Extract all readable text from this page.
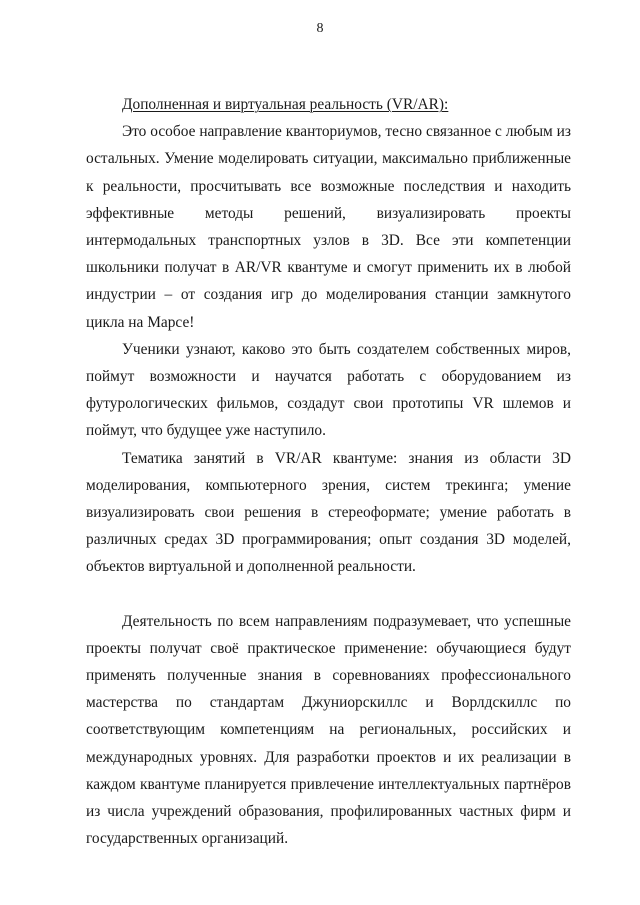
8
Дополненная и виртуальная реальность (VR/AR):

Это особое направление кванториумов, тесно связанное с любым из остальных. Умение моделировать ситуации, максимально приближенные к реальности, просчитывать все возможные последствия и находить эффективные методы решений, визуализировать проекты интермодальных транспортных узлов в 3D. Все эти компетенции школьники получат в AR/VR квантуме и смогут применить их в любой индустрии – от создания игр до моделирования станции замкнутого цикла на Марсе!

Ученики узнают, каково это быть создателем собственных миров, поймут возможности и научатся работать с оборудованием из футурологических фильмов, создадут свои прототипы VR шлемов и поймут, что будущее уже наступило.

Тематика занятий в VR/AR квантуме: знания из области 3D моделирования, компьютерного зрения, систем трекинга; умение визуализировать свои решения в стереоформате; умение работать в различных средах 3D программирования; опыт создания 3D моделей, объектов виртуальной и дополненной реальности.

Деятельность по всем направлениям подразумевает, что успешные проекты получат своё практическое применение: обучающиеся будут применять полученные знания в соревнованиях профессионального мастерства по стандартам Джуниорскиллс и Ворлдскиллс по соответствующим компетенциям на региональных, российских и международных уровнях. Для разработки проектов и их реализации в каждом квантуме планируется привлечение интеллектуальных партнёров из числа учреждений образования, профилированных частных фирм и государственных организаций.
